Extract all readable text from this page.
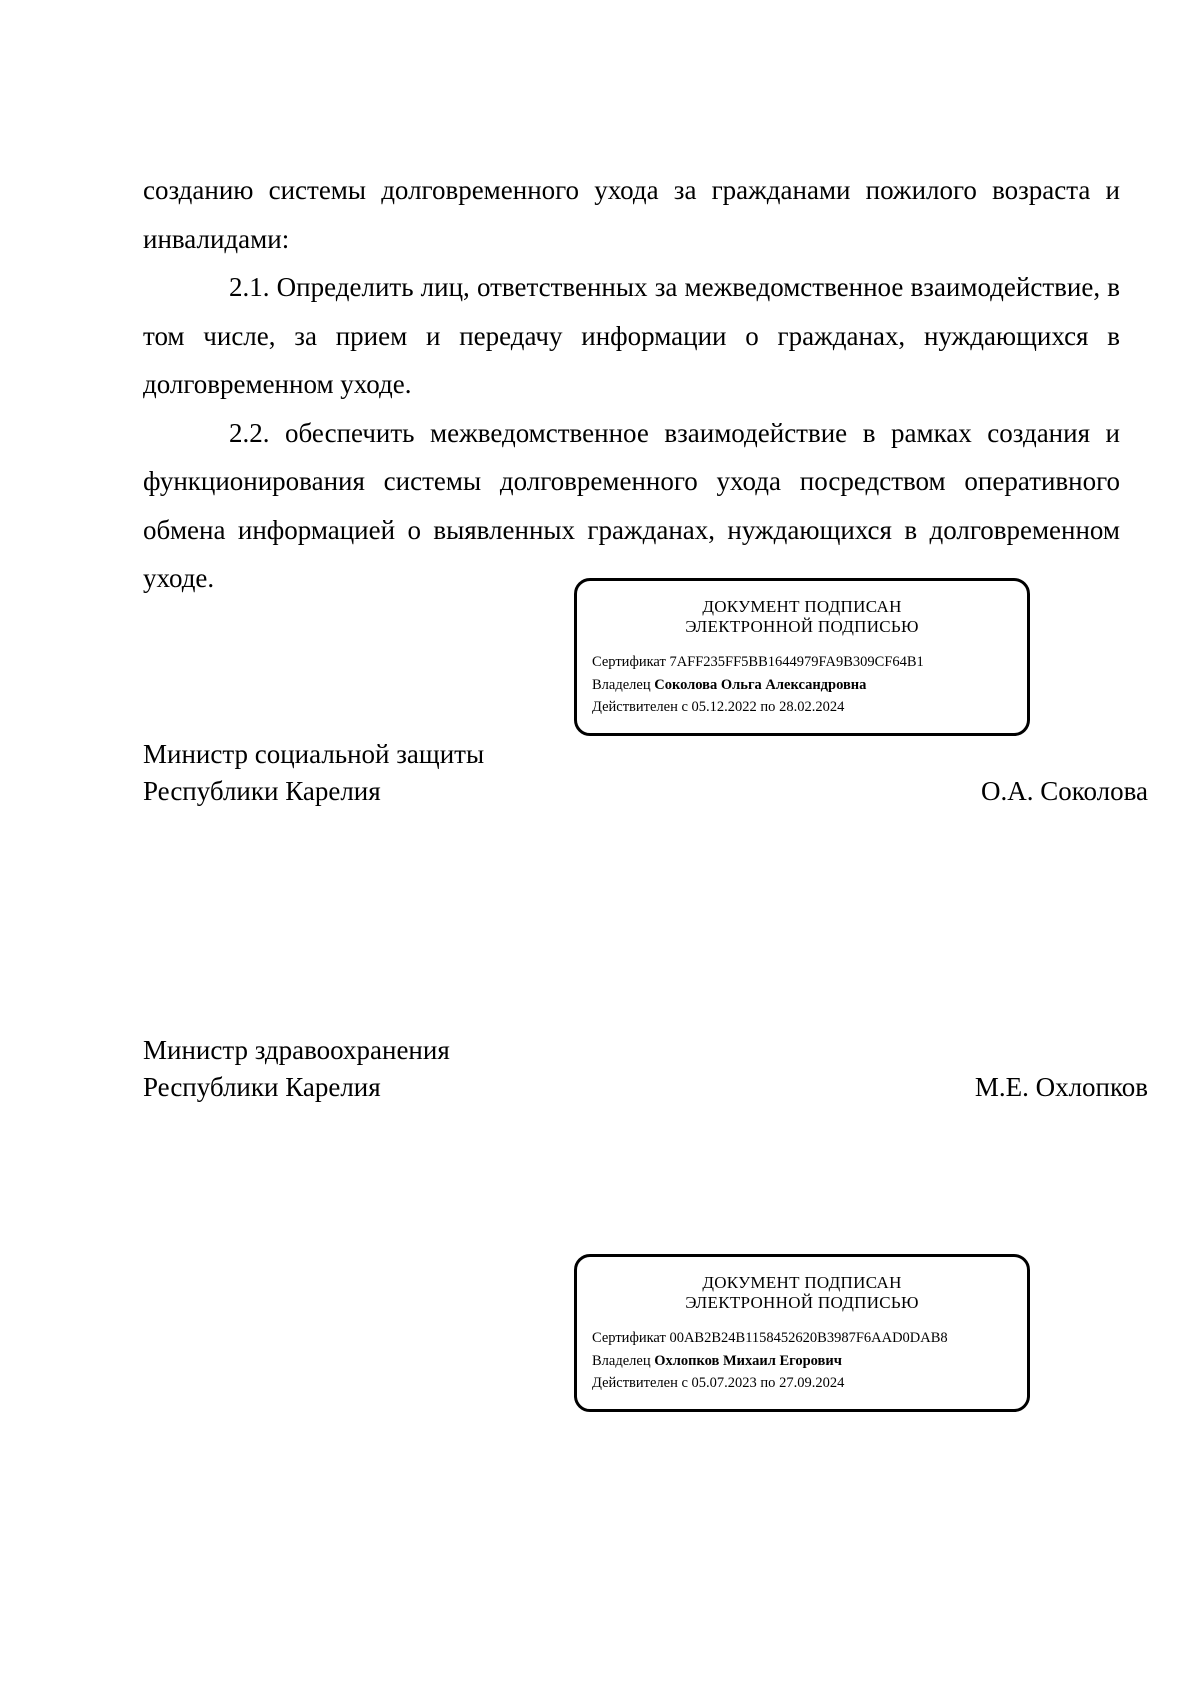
созданию системы долговременного ухода за гражданами пожилого возраста и инвалидами:

2.1. Определить лиц, ответственных за межведомственное взаимодействие, в том числе, за прием и передачу информации о гражданах, нуждающихся в долговременном уходе.

2.2. обеспечить межведомственное взаимодействие в рамках создания и функционирования системы долговременного ухода посредством оперативного обмена информацией о выявленных гражданах, нуждающихся в долговременном уходе.

ДОКУМЕНТ ПОДПИСАН
ЭЛЕКТРОННОЙ ПОДПИСЬЮ
Сертификат 7AFF235FF5BB1644979FA9B309CF64B1
Владелец Соколова Ольга Александровна
Действителен с 05.12.2022 по 28.02.2024
Министр социальной защиты
Республики Карелия	О.А. Соколова
Министр здравоохранения
Республики Карелия	М.Е. Охлопков
ДОКУМЕНТ ПОДПИСАН
ЭЛЕКТРОННОЙ ПОДПИСЬЮ
Сертификат 00AB2B24B1158452620B3987F6AAD0DAB8
Владелец Охлопков Михаил Егорович
Действителен с 05.07.2023 по 27.09.2024
